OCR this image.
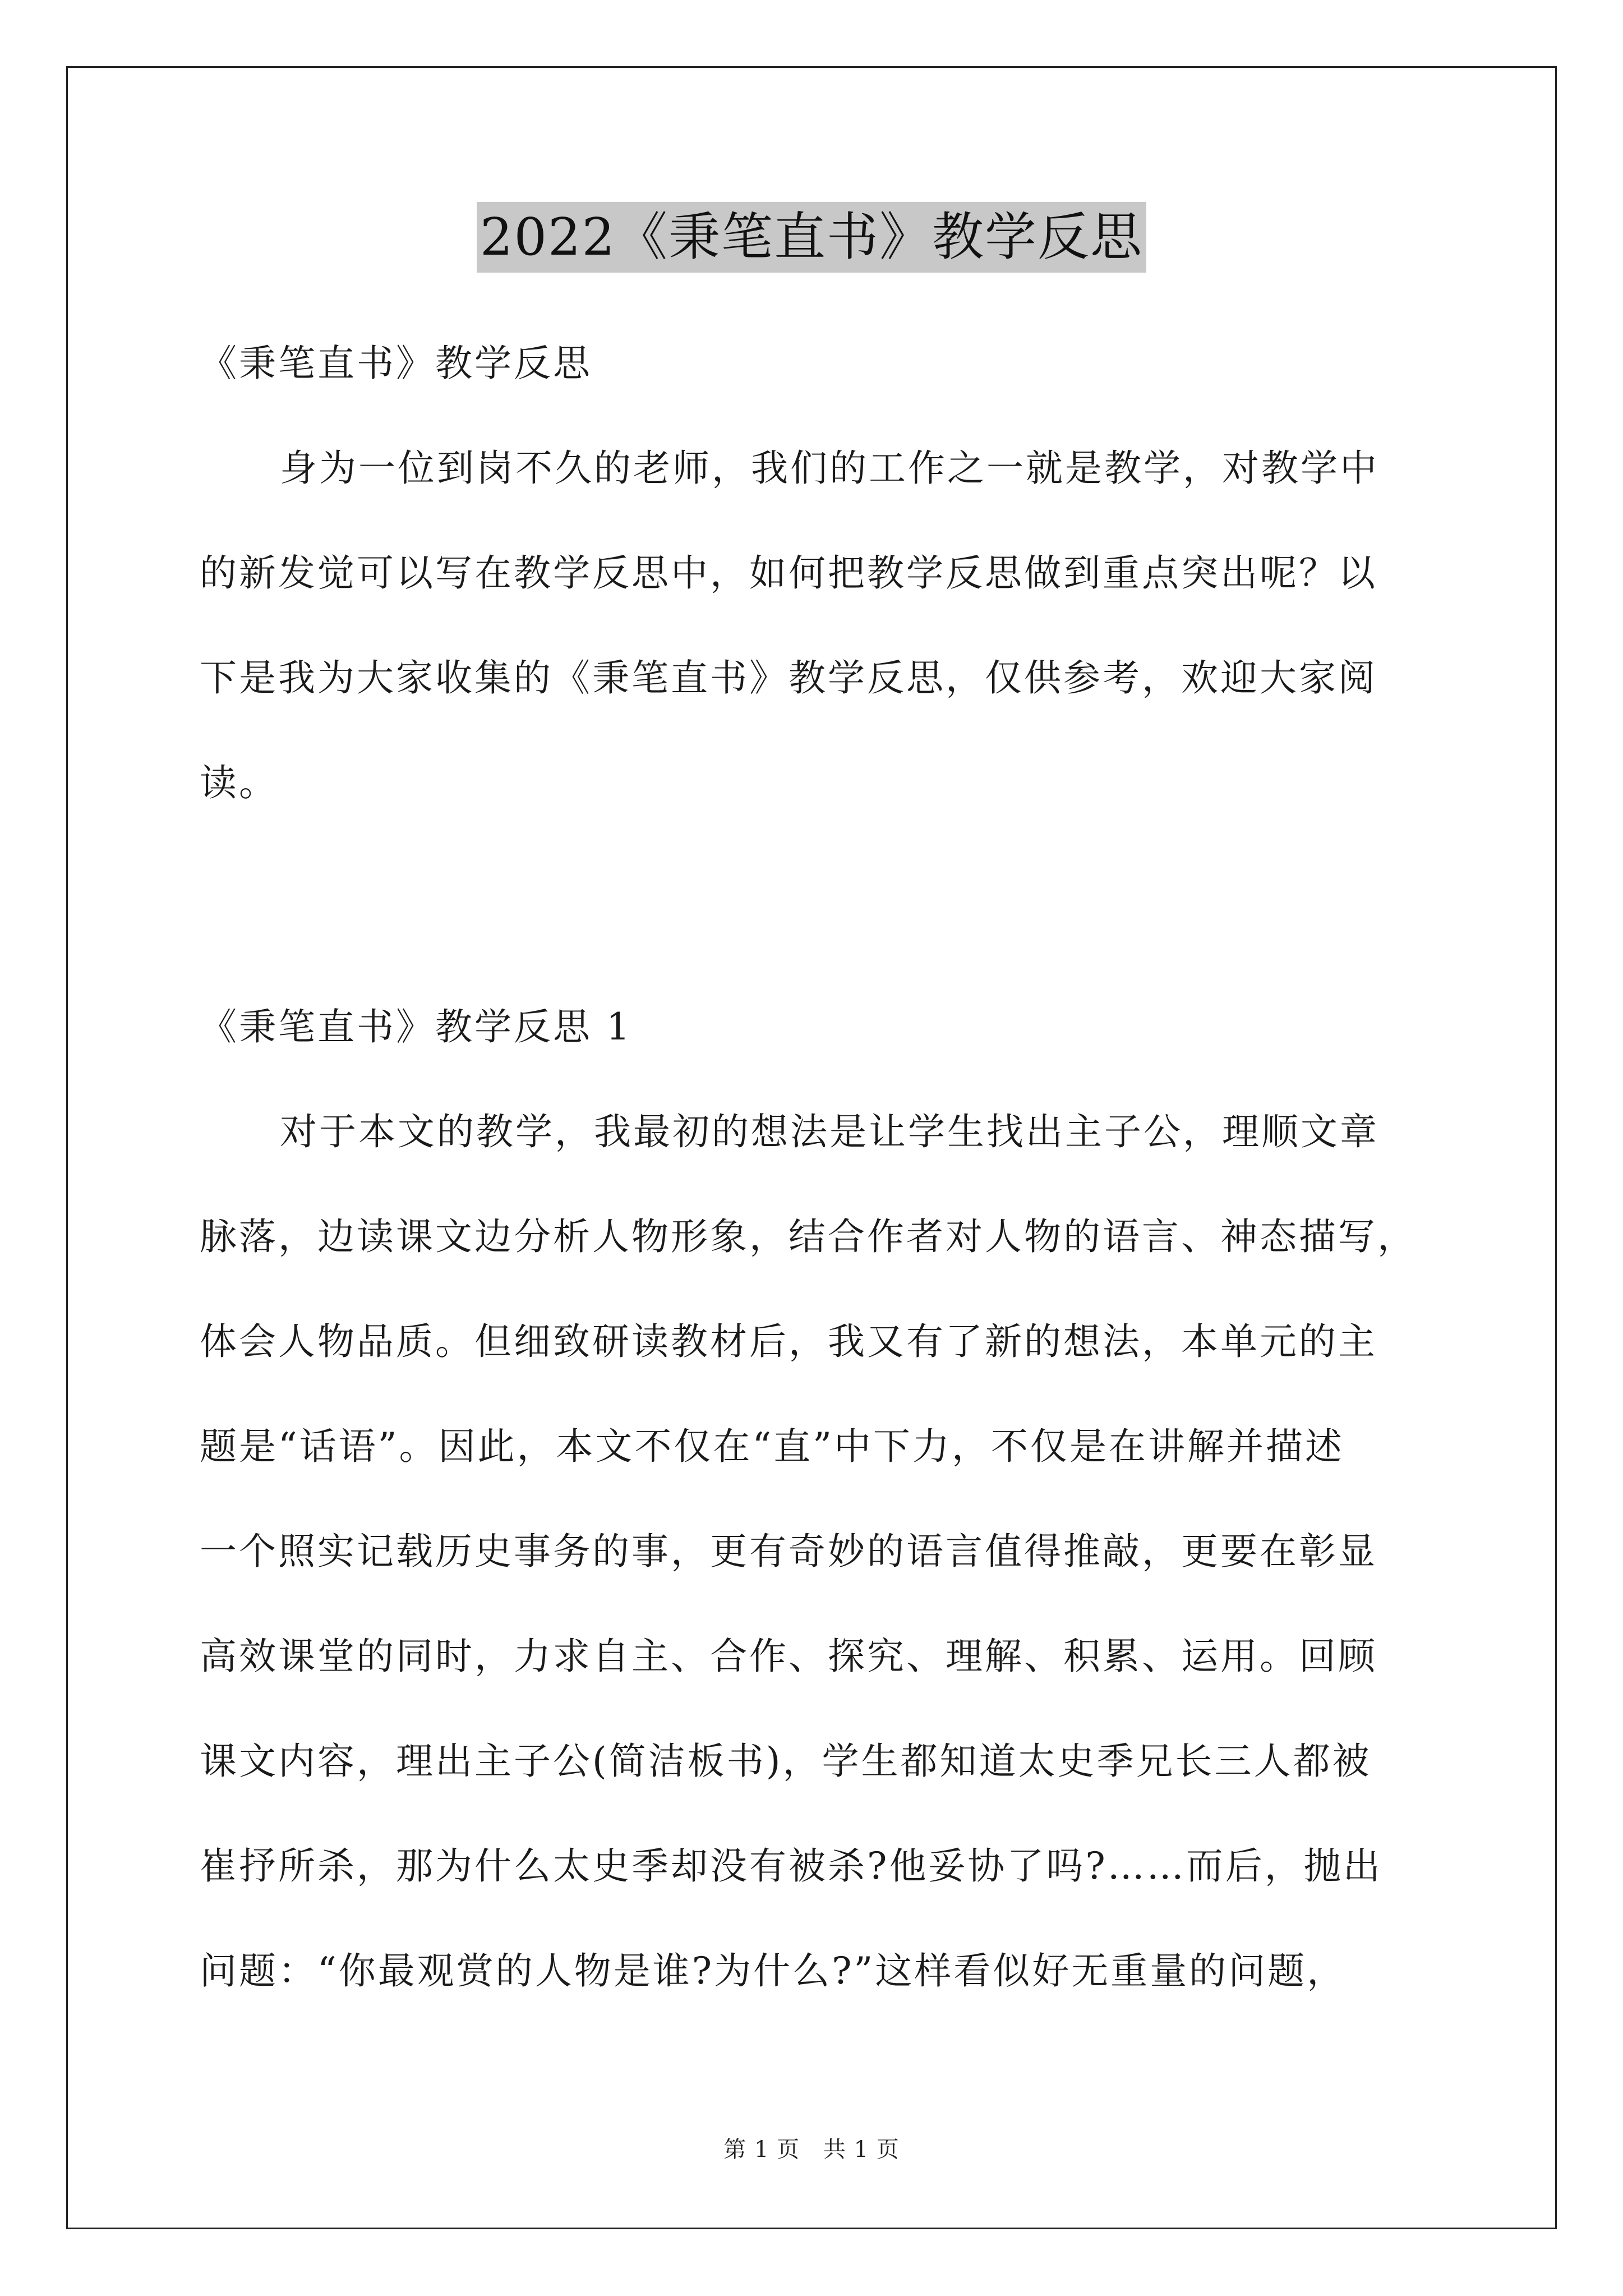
2022《秉笔直书》教学反思
《秉笔直书》教学反思
身为一位到岗不久的老师，我们的工作之一就是教学，对教学中
的新发觉可以写在教学反思中，如何把教学反思做到重点突出呢？以
下是我为大家收集的《秉笔直书》教学反思，仅供参考，欢迎大家阅
读。
《秉笔直书》教学反思 1
对于本文的教学，我最初的想法是让学生找出主子公，理顺文章
脉落，边读课文边分析人物形象，结合作者对人物的语言、神态描写，
体会人物品质。但细致研读教材后，我又有了新的想法，本单元的主
题是“话语”。因此，本文不仅在“直”中下力，不仅是在讲解并描述
一个照实记载历史事务的事，更有奇妙的语言值得推敲，更要在彰显
高效课堂的同时，力求自主、合作、探究、理解、积累、运用。回顾
课文内容，理出主子公(简洁板书)，学生都知道太史季兄长三人都被
崔抒所杀，那为什么太史季却没有被杀?他妥协了吗?……而后，抛出
问题：“你最观赏的人物是谁?为什么?”这样看似好无重量的问题，
第 1 页 共 1 页
